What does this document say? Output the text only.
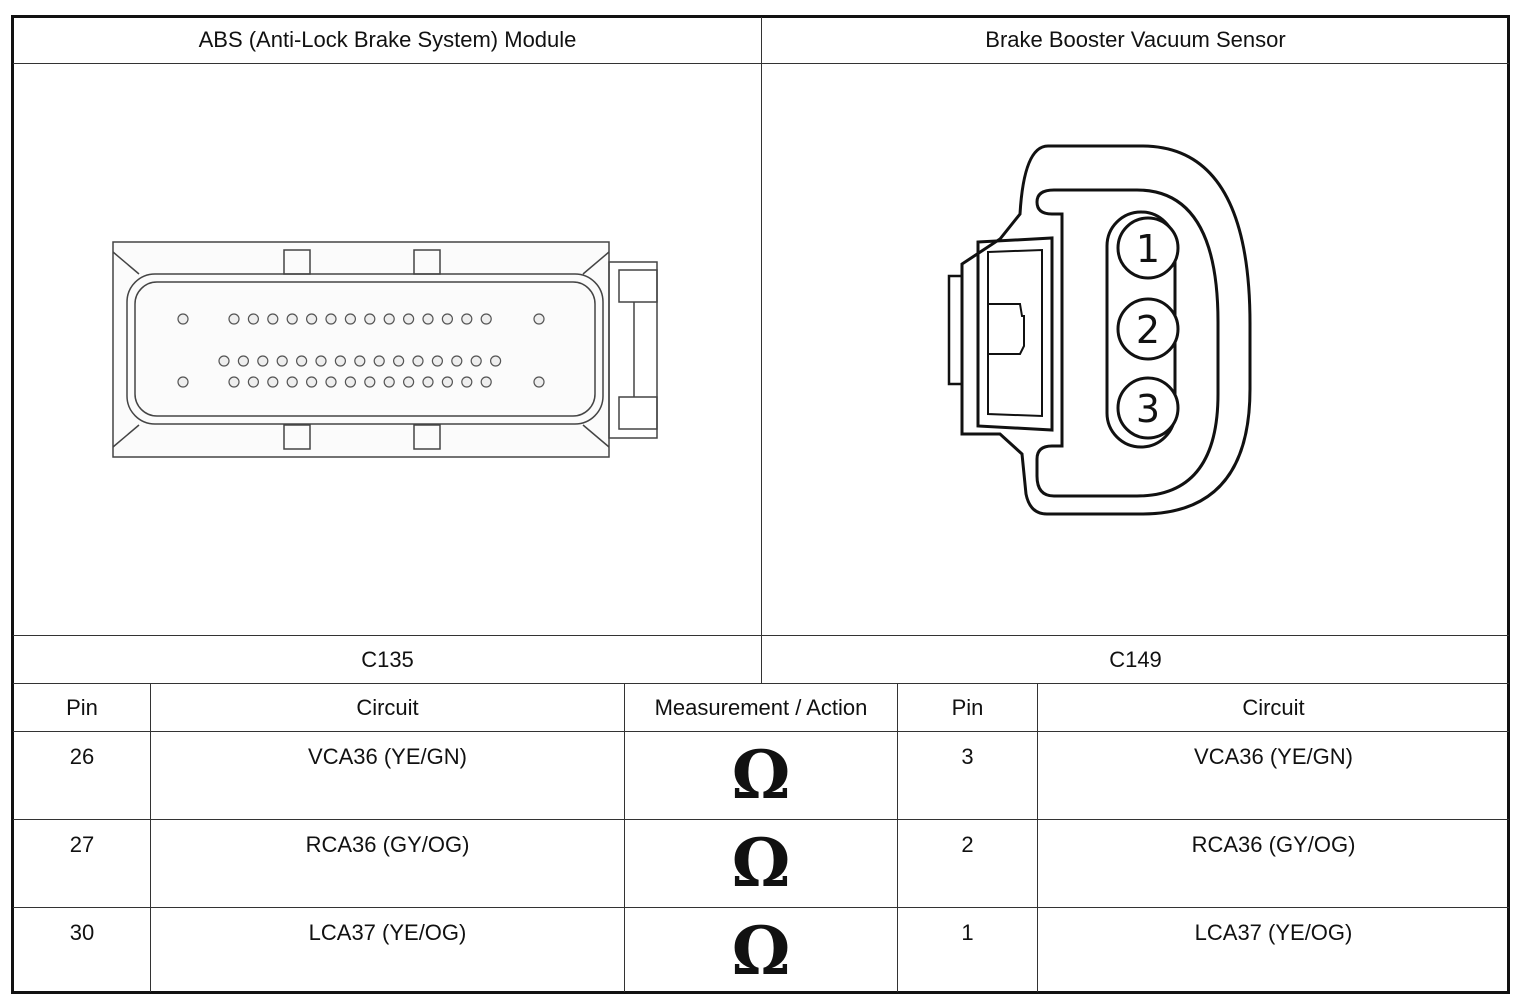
ABS (Anti-Lock Brake System) Module	Brake Booster Vacuum Sensor
1
2
3
C135	C149
Pin	Circuit	Measurement / Action	Pin	Circuit
26	VCA36 (YE/GN)	Ω	3	VCA36 (YE/GN)
27	RCA36 (GY/OG)	Ω	2	RCA36 (GY/OG)
30	LCA37 (YE/OG)	Ω	1	LCA37 (YE/OG)
